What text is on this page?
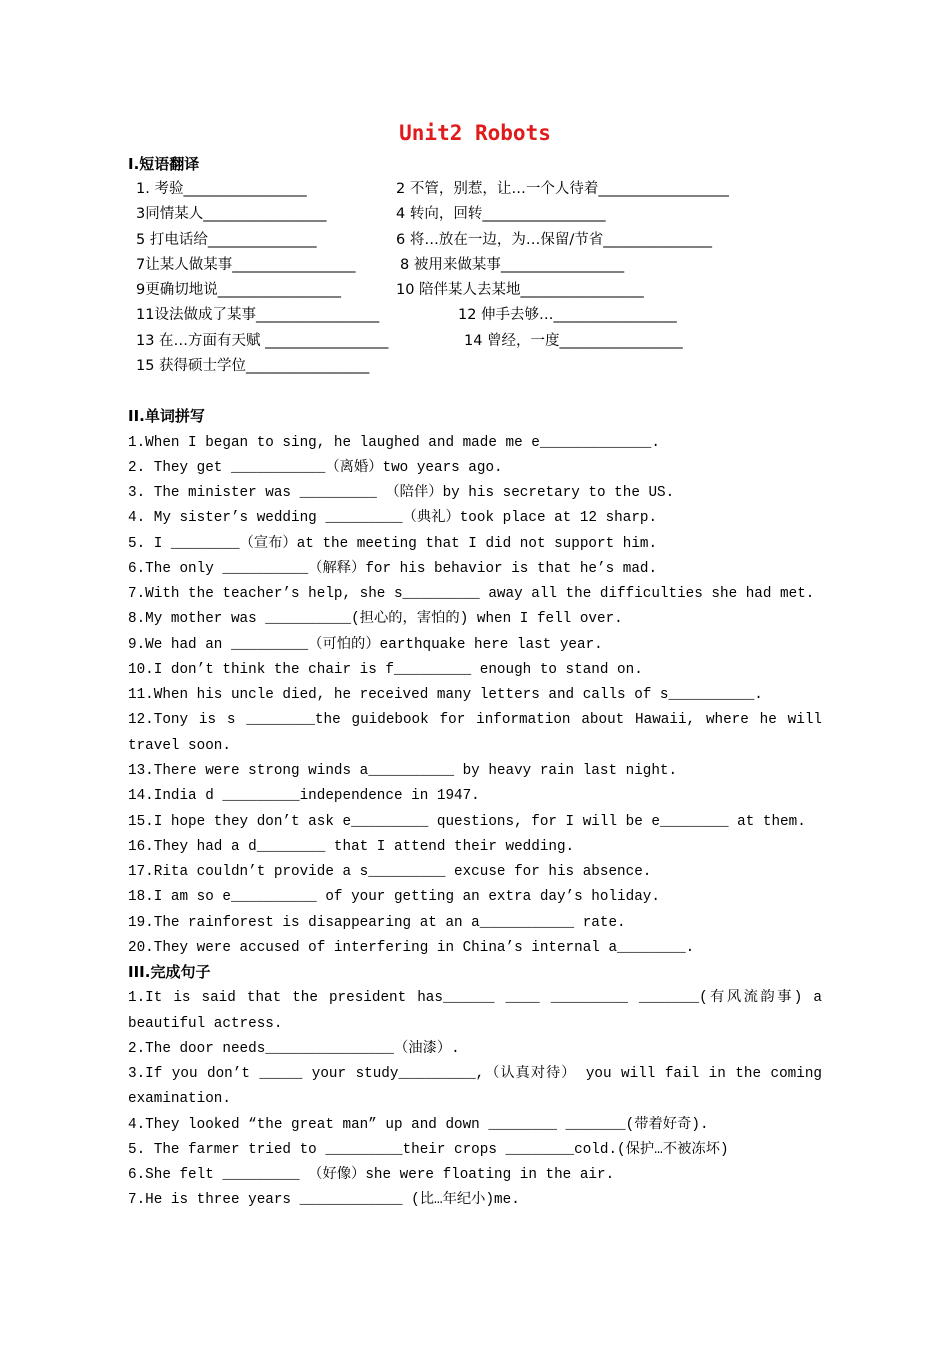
Unit2 Robots
I.短语翻译
1. 考验_________________	2 不管，别惹，让…一个人待着__________________
3同情某人_________________	4 转向，回转_________________
5 打电话给_______________	6 将…放在一边，为…保留/节省_______________
7让某人做某事_________________	8 被用来做某事_________________
9更确切地说_________________	10 陪伴某人去某地_________________
11设法做成了某事_________________	12 伸手去够…_________________
13 在…方面有天赋 _________________	14 曾经，一度_________________
15 获得硕士学位_________________
II.单词拼写
1.When I began to sing, he laughed and made me e_____________.
2. They get ___________（离婚）two years ago.
3. The minister was _________ （陪伴）by his secretary to the US.
4. My sister’s wedding _________（典礼）took place at 12 sharp.
5. I ________（宣布）at the meeting that I did not support him.
6.The only __________（解释）for his behavior is that he’s mad.
7.With the teacher’s help, she s_________ away all the difficulties she had met.
8.My mother was __________(担心的，害怕的) when I fell over.
9.We had an _________（可怕的）earthquake here last year.
10.I don’t think the chair is f_________ enough to stand on.
11.When his uncle died, he received many letters and calls of s__________.
12.Tony is s ________the guidebook for information about Hawaii, where he will
travel soon.
13.There were strong winds a__________ by heavy rain last night.
14.India d _________independence in 1947.
15.I hope they don’t ask e_________ questions, for I will be e________ at them.
16.They had a d________ that I attend their wedding.
17.Rita couldn’t provide a s_________ excuse for his absence.
18.I am so e__________ of your getting an extra day’s holiday.
19.The rainforest is disappearing at an a___________ rate.
20.They were accused of interfering in China’s internal a________.
III.完成句子
1.It is said that the president has______ ____ _________ _______(有风流韵事) a
beautiful actress.
2.The door needs_______________（油漆）.
3.If you don’t _____ your study_________,（认真对待） you will fail in the coming
examination.
4.They looked “the great man” up and down ________ _______(带着好奇).
5. The farmer tried to _________their crops ________cold.(保护…不被冻坏)
6.She felt _________ （好像）she were floating in the air.
7.He is three years ____________ (比…年纪小)me.
